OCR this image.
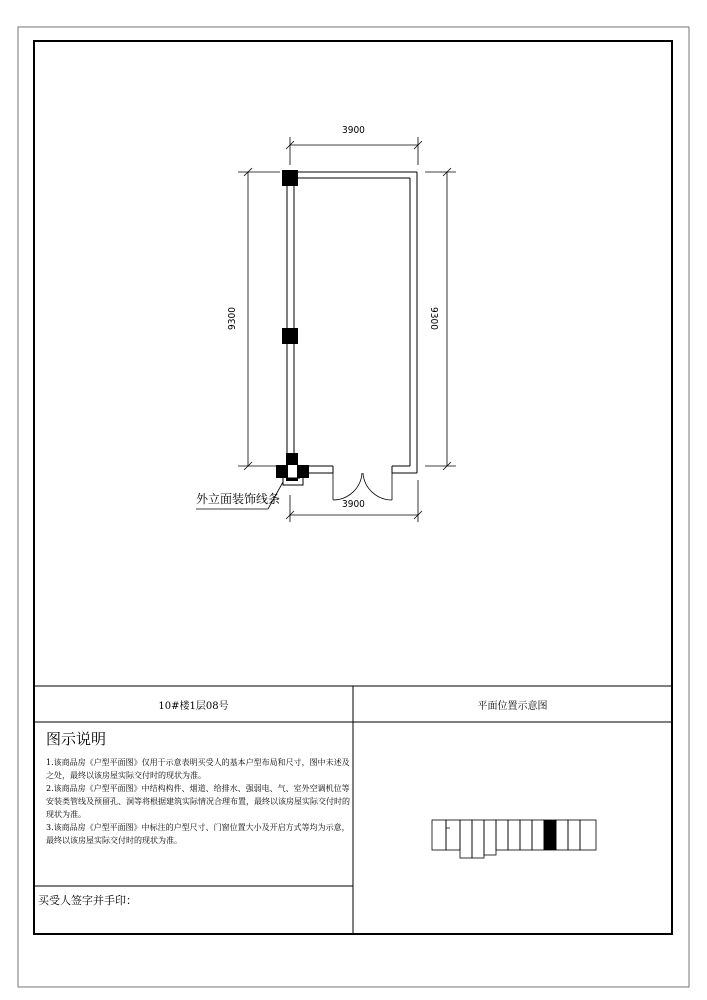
3900
3900
9300	9300
外立面装饰线条
10#楼1层08号	平面位置示意图
图示说明

1.该商品房《户型平面图》仅用于示意表明买受人的基本户型布局和尺寸，图中未述及之处，最终以该房屋实际交付时的现状为准。

2.该商品房《户型平面图》中结构构件、烟道、给排水、强弱电、气、室外空调机位等安装类管线及预留孔、洞等将根据建筑实际情况合理布置，最终以该房屋实际交付时的现状为准。

3.该商品房《户型平面图》中标注的户型尺寸、门窗位置大小及开启方式等均为示意，最终以该房屋实际交付时的现状为准。

买受人签字并手印：
